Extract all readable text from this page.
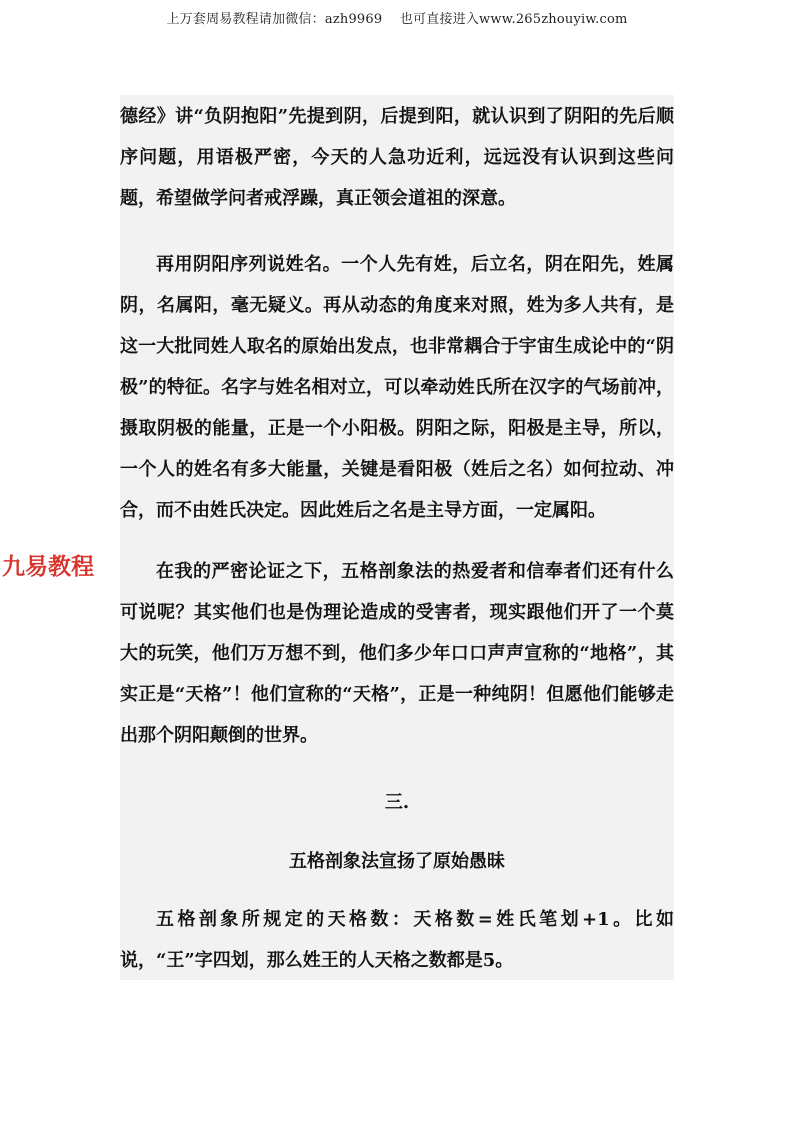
上万套周易教程请加微信：azh9969　 也可直接进入www.265zhouyiw.com

德经》讲“负阴抱阳”先提到阴，后提到阳，就认识到了阴阳的先后顺序问题，用语极严密，今天的人急功近利，远远没有认识到这些问题，希望做学问者戒浮躁，真正领会道祖的深意。

再用阴阳序列说姓名。一个人先有姓，后立名，阴在阳先，姓属阴，名属阳，毫无疑义。再从动态的角度来对照，姓为多人共有，是这一大批同姓人取名的原始出发点，也非常耦合于宇宙生成论中的“阴极”的特征。名字与姓名相对立，可以牵动姓氏所在汉字的气场前冲，摄取阴极的能量，正是一个小阳极。阴阳之际，阳极是主导，所以，一个人的姓名有多大能量，关键是看阳极（姓后之名）如何拉动、冲合，而不由姓氏决定。因此姓后之名是主导方面，一定属阳。

在我的严密论证之下，五格剖象法的热爱者和信奉者们还有什么可说呢？其实他们也是伪理论造成的受害者，现实跟他们开了一个莫大的玩笑，他们万万想不到，他们多少年口口声声宣称的“地格”，其实正是“天格”！他们宣称的“天格”，正是一种纯阴！但愿他们能够走出那个阴阳颠倒的世界。

三.
五格剖象法宣扬了原始愚昧

五格剖象所规定的天格数：天格数=姓氏笔划+1。比如说，“王”字四划，那么姓王的人天格之数都是5。

九易教程
